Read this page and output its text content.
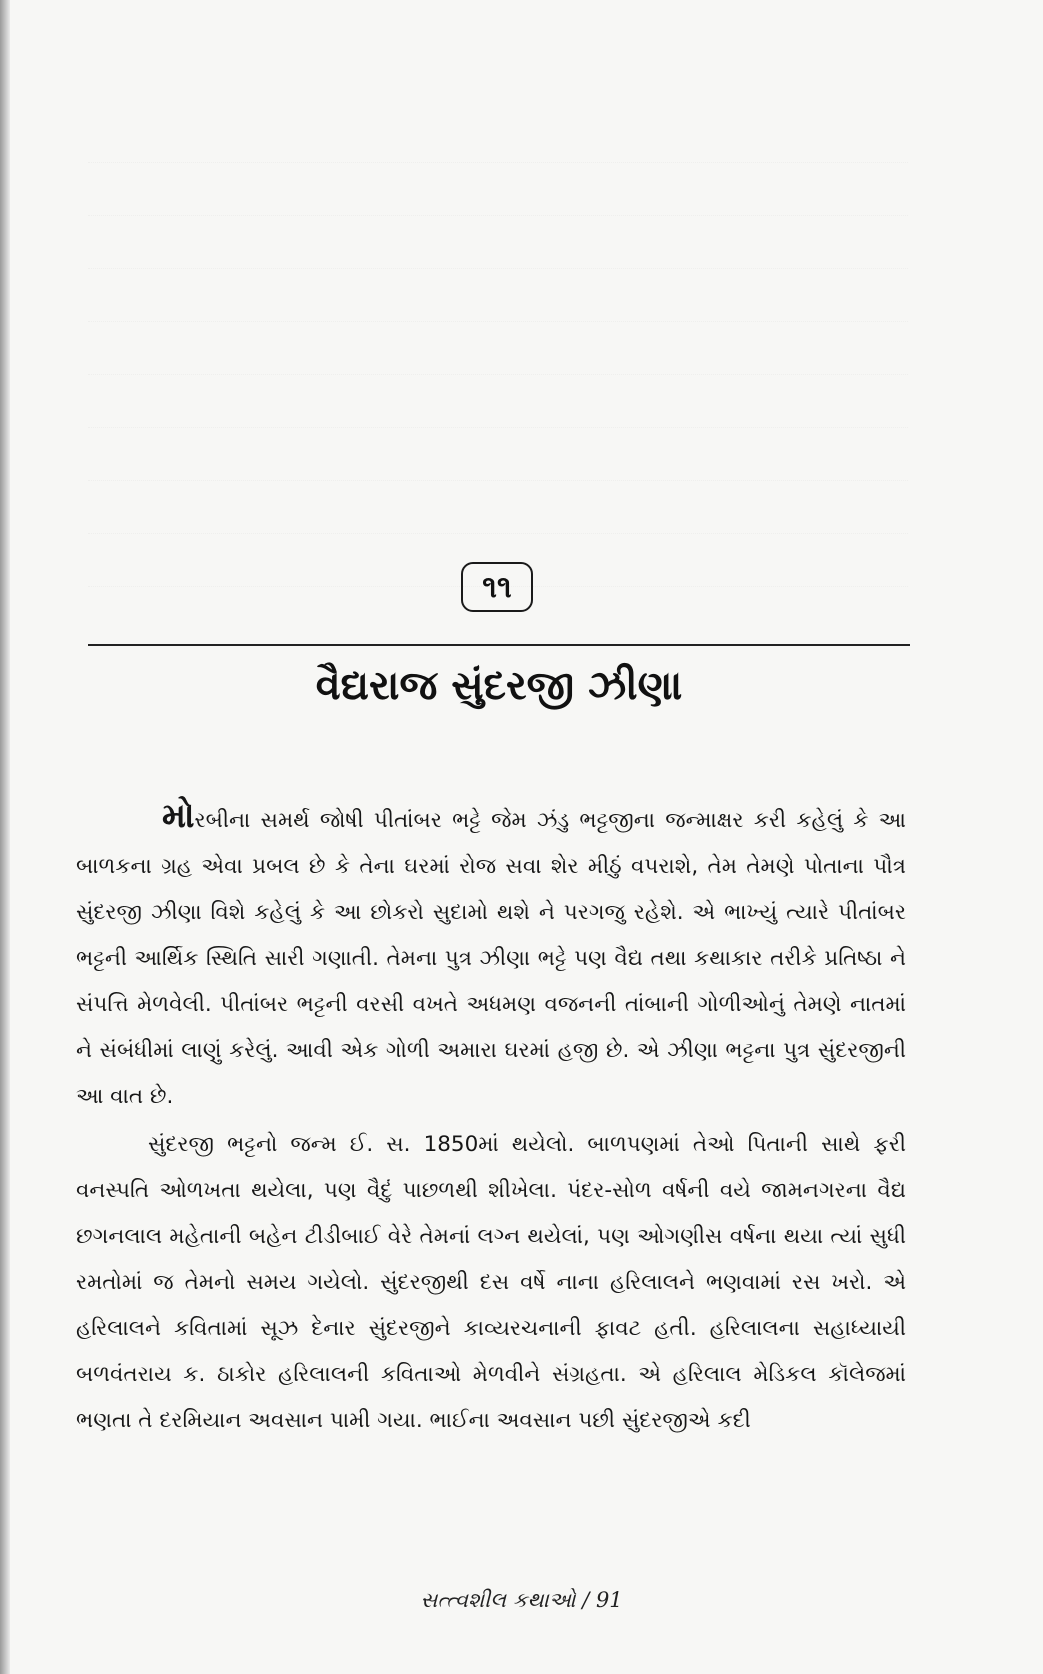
૧૧
વૈદ્યરાજ સુંદરજી ઝીણા

મોરબીના સમર્થ જોષી પીતાંબર ભટ્ટે જેમ ઝંડુ ભટ્ટજીના જન્માક્ષર કરી કહેલું કે આ બાળકના ગ્રહ એવા પ્રબલ છે કે તેના ઘરમાં રોજ સવા શેર મીઠું વપરાશે, તેમ તેમણે પોતાના પૌત્ર સુંદરજી ઝીણા વિશે કહેલું કે આ છોકરો સુદામો થશે ને પરગજુ રહેશે. એ ભાખ્યું ત્યારે પીતાંબર ભટ્ટની આર્થિક સ્થિતિ સારી ગણાતી. તેમના પુત્ર ઝીણા ભટ્ટે પણ વૈદ્ય તથા કથાકાર તરીકે પ્રતિષ્ઠા ને સંપત્તિ મેળવેલી. પીતાંબર ભટ્ટની વરસી વખતે અધમણ વજનની તાંબાની ગોળીઓનું તેમણે નાતમાં ને સંબંધીમાં લાણું કરેલું. આવી એક ગોળી અમારા ઘરમાં હજી છે. એ ઝીણા ભટ્ટના પુત્ર સુંદરજીની આ વાત છે.

સુંદરજી ભટ્ટનો જન્મ ઈ. સ. 1850માં થયેલો. બાળપણમાં તેઓ પિતાની સાથે ફરી વનસ્પતિ ઓળખતા થયેલા, પણ વૈદું પાછળથી શીખેલા. પંદર-સોળ વર્ષની વયે જામનગરના વૈદ્ય છગનલાલ મહેતાની બહેન ટીડીબાઈ વેરે તેમનાં લગ્ન થયેલાં, પણ ઓગણીસ વર્ષના થયા ત્યાં સુધી રમતોમાં જ તેમનો સમય ગયેલો. સુંદરજીથી દસ વર્ષે નાના હરિલાલને ભણવામાં રસ ખરો. એ હરિલાલને કવિતામાં સૂઝ દેનાર સુંદરજીને કાવ્યરચનાની ફાવટ હતી. હરિલાલના સહાધ્યાયી બળવંતરાય ક. ઠાકોર હરિલાલની કવિતાઓ મેળવીને સંગ્રહતા. એ હરિલાલ મેડિકલ કૉલેજમાં ભણતા તે દરમિયાન અવસાન પામી ગયા. ભાઈના અવસાન પછી સુંદરજીએ કદી

સત્ત્વશીલ કથાઓ / 91
